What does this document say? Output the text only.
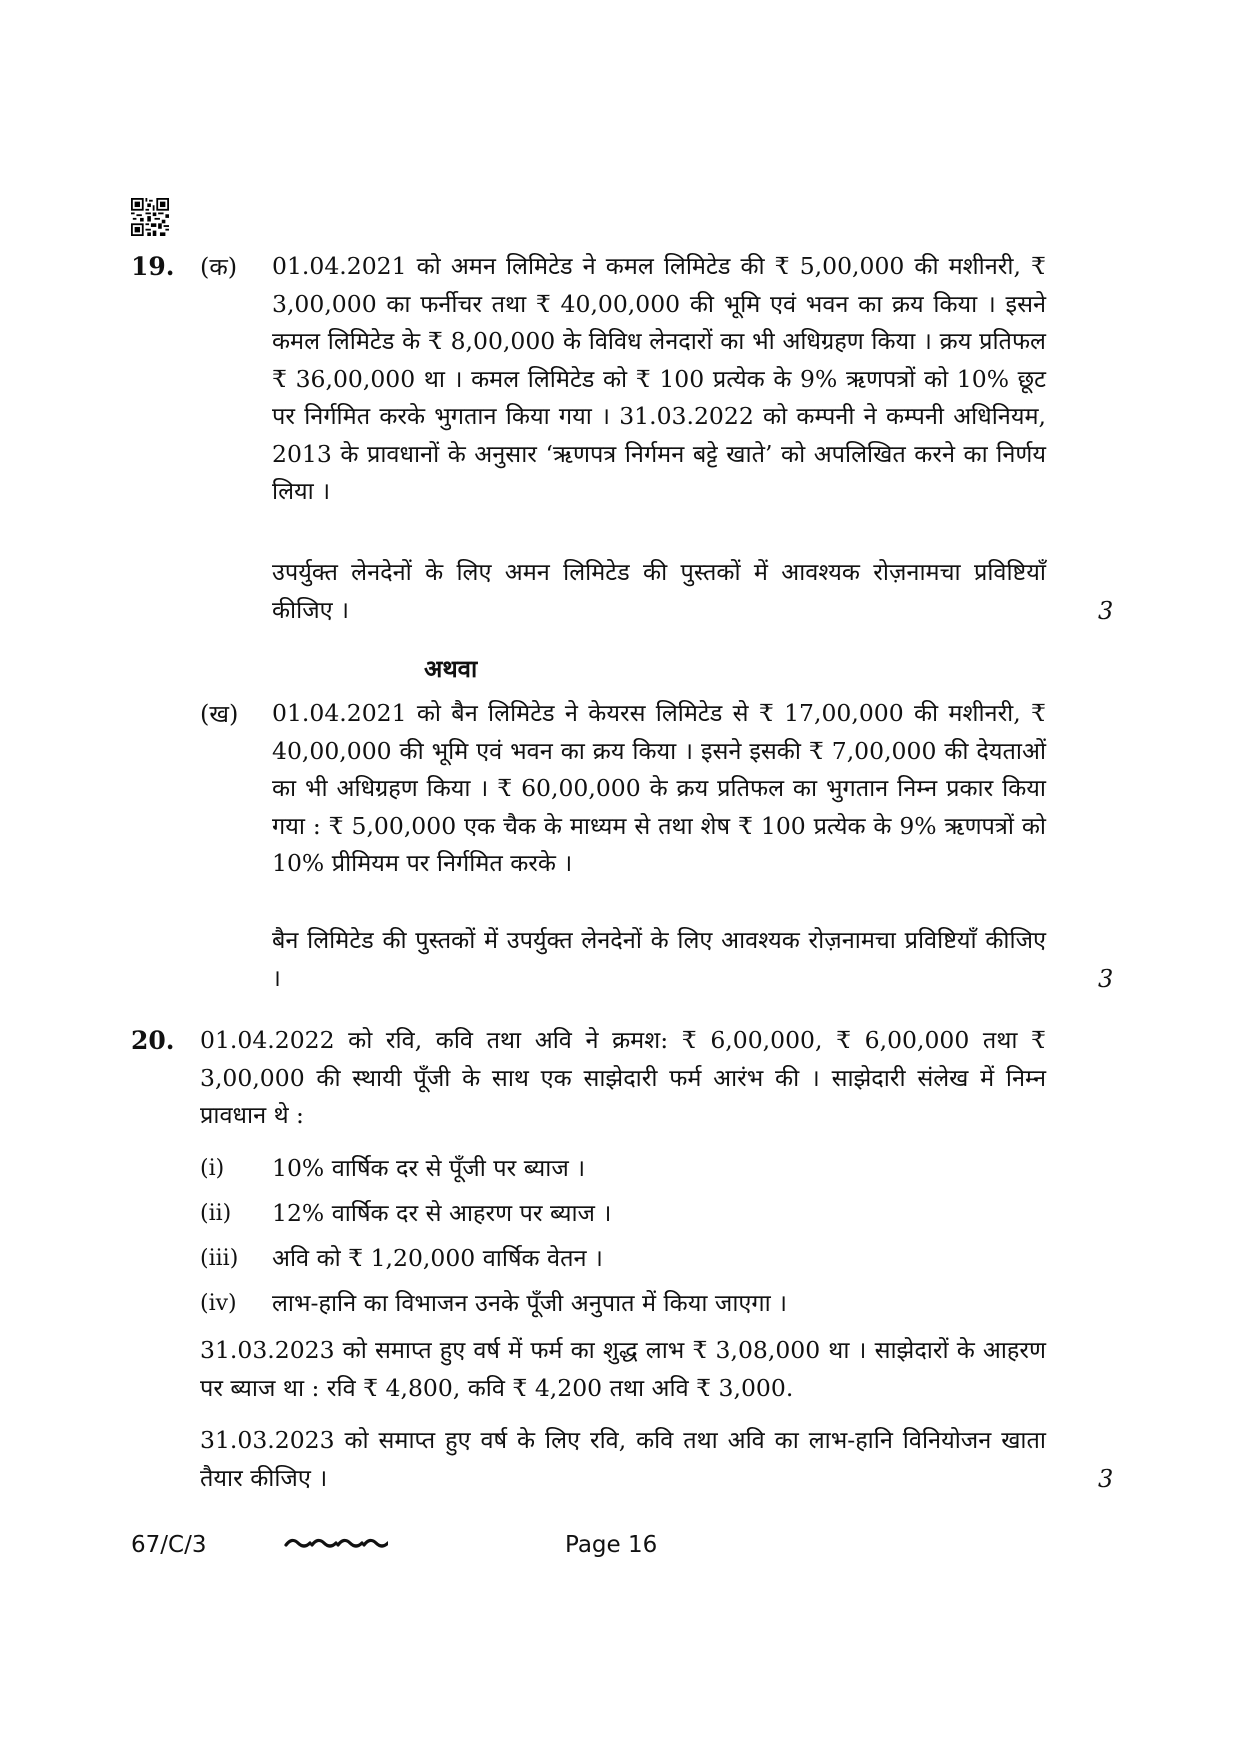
19. (क) 01.04.2021 को अमन लिमिटेड ने कमल लिमिटेड की ₹ 5,00,000 की मशीनरी, ₹ 3,00,000 का फर्नीचर तथा ₹ 40,00,000 की भूमि एवं भवन का क्रय किया । इसने कमल लिमिटेड के ₹ 8,00,000 के विविध लेनदारों का भी अधिग्रहण किया । क्रय प्रतिफल ₹ 36,00,000 था । कमल लिमिटेड को ₹ 100 प्रत्येक के 9% ऋणपत्रों को 10% छूट पर निर्गमित करके भुगतान किया गया । 31.03.2022 को कम्पनी ने कम्पनी अधिनियम, 2013 के प्रावधानों के अनुसार ‘ऋणपत्र निर्गमन बट्टे खाते’ को अपलिखित करने का निर्णय लिया ।
उपर्युक्त लेनदेनों के लिए अमन लिमिटेड की पुस्तकों में आवश्यक रोज़नामचा प्रविष्टियाँ कीजिए ।	3
अथवा
(ख) 01.04.2021 को बैन लिमिटेड ने केयरस लिमिटेड से ₹ 17,00,000 की मशीनरी, ₹ 40,00,000 की भूमि एवं भवन का क्रय किया । इसने इसकी ₹ 7,00,000 की देयताओं का भी अधिग्रहण किया । ₹ 60,00,000 के क्रय प्रतिफल का भुगतान निम्न प्रकार किया गया : ₹ 5,00,000 एक चैक के माध्यम से तथा शेष ₹ 100 प्रत्येक के 9% ऋणपत्रों को 10% प्रीमियम पर निर्गमित करके ।
बैन लिमिटेड की पुस्तकों में उपर्युक्त लेनदेनों के लिए आवश्यक रोज़नामचा प्रविष्टियाँ कीजिए ।	3
20. 01.04.2022 को रवि, कवि तथा अवि ने क्रमश: ₹ 6,00,000, ₹ 6,00,000 तथा ₹ 3,00,000 की स्थायी पूँजी के साथ एक साझेदारी फर्म आरंभ की । साझेदारी संलेख में निम्न प्रावधान थे :
(i) 10% वार्षिक दर से पूँजी पर ब्याज ।
(ii) 12% वार्षिक दर से आहरण पर ब्याज ।
(iii) अवि को ₹ 1,20,000 वार्षिक वेतन ।
(iv) लाभ-हानि का विभाजन उनके पूँजी अनुपात में किया जाएगा ।
31.03.2023 को समाप्त हुए वर्ष में फर्म का शुद्ध लाभ ₹ 3,08,000 था । साझेदारों के आहरण पर ब्याज था : रवि ₹ 4,800, कवि ₹ 4,200 तथा अवि ₹ 3,000.
31.03.2023 को समाप्त हुए वर्ष के लिए रवि, कवि तथा अवि का लाभ-हानि विनियोजन खाता तैयार कीजिए ।	3
67/C/3	Page 16
